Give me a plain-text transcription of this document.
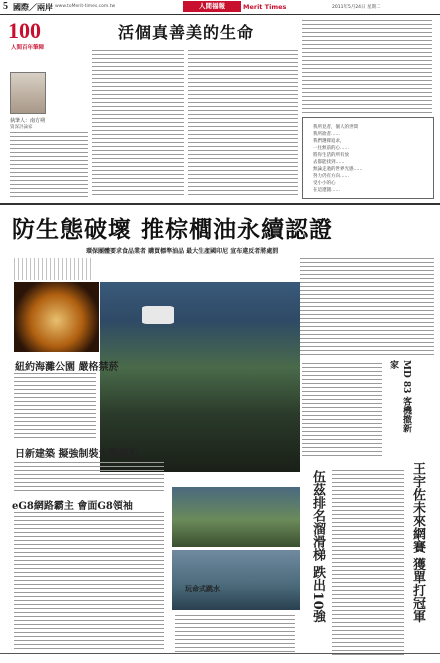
5 國際／兩岸 www.toMerit-times.com.tw	人間福報	Merit Times	2011年5月24日 星期二
100
人間百年筆陣
執筆人：南方朔
資深評論家
活個真善美的生命
我所見者，個人的世間
我所欲者……
我們選擇追求，
一往無前的心……
將你生活的所有放
去都能找到……
無論走過的世界光感……
努力仍有方向……
受小小的心
在這遼闊……
防生態破壞 推棕櫚油永續認證
環保團體要求食品業者 購買標準油品 最大生產國印尼 宣布違反者將處罰
紐約海灘公園 嚴格禁菸
日新建築 擬強制裝太陽能板
eG8網路霸主 會面G8領袖
玩命式跳水
MD 83 客機撤新家
伍茲排名溜滑梯 跌出10強	王宇佐未來網賽 獲單打冠軍
